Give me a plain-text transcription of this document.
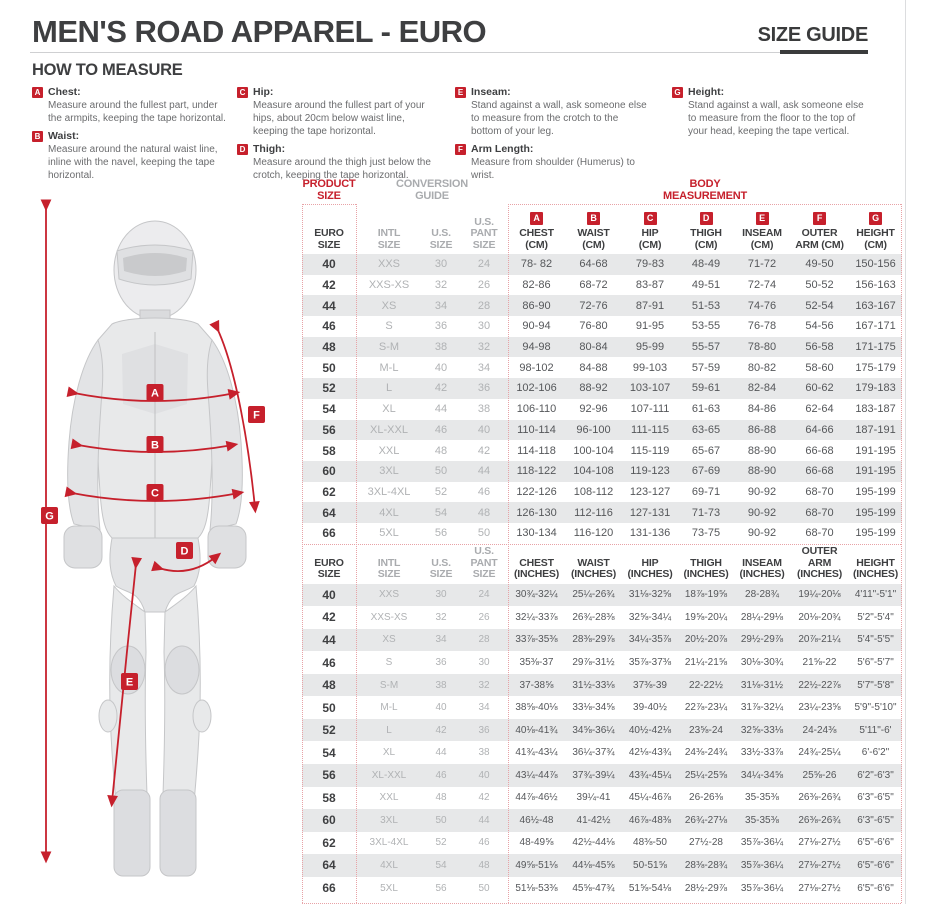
MEN'S ROAD APPAREL - EURO	SIZE GUIDE
HOW TO MEASURE
A Chest:
Measure around the fullest part, under the armpits, keeping the tape horizontal.
B Waist:
Measure around the natural waist line, inline with the navel, keeping the tape horizontal.
C Hip:
Measure around the fullest part of your hips, about 20cm below waist line, keeping the tape horizontal.
D Thigh:
Measure around the thigh just below the crotch, keeping the tape horizontal.
E Inseam:
Stand against a wall, ask someone else to measure from the crotch to the bottom of your leg.
F Arm Length:
Measure from shoulder (Humerus) to wrist.
G Height:
Stand against a wall, ask someone else to measure from the floor to the top of your head, keeping the tape vertical.
A
B
C
D
E
F
G
PRODUCT
SIZE
CONVERSION
GUIDE
BODY
MEASUREMENT
EURO
SIZE

INTL
SIZE

U.S.
SIZE

U.S.
PANT SIZE

A
CHEST
(CM)

B
WAIST
(CM)

C
HIP
(CM)

D
THIGH
(CM)

E
INSEAM
(CM)

F
OUTER
ARM (CM)

G
HEIGHT
(CM)

40	XXS	30	24	78- 82	64-68	79-83	48-49	71-72	49-50	150-156
42	XXS-XS	32	26	82-86	68-72	83-87	49-51	72-74	50-52	156-163
44	XS	34	28	86-90	72-76	87-91	51-53	74-76	52-54	163-167
46	S	36	30	90-94	76-80	91-95	53-55	76-78	54-56	167-171
48	S-M	38	32	94-98	80-84	95-99	55-57	78-80	56-58	171-175
50	M-L	40	34	98-102	84-88	99-103	57-59	80-82	58-60	175-179
52	L	42	36	102-106	88-92	103-107	59-61	82-84	60-62	179-183
54	XL	44	38	106-110	92-96	107-111	61-63	84-86	62-64	183-187
56	XL-XXL	46	40	110-114	96-100	111-115	63-65	86-88	64-66	187-191
58	XXL	48	42	114-118	100-104	115-119	65-67	88-90	66-68	191-195
60	3XL	50	44	118-122	104-108	119-123	67-69	88-90	66-68	191-195
62	3XL-4XL	52	46	122-126	108-112	123-127	69-71	90-92	68-70	195-199
64	4XL	54	48	126-130	112-116	127-131	71-73	90-92	68-70	195-199
66	5XL	56	50	130-134	116-120	131-136	73-75	90-92	68-70	195-199
EURO
SIZE

INTL
SIZE

U.S.
SIZE

U.S.
PANT SIZE

CHEST
(INCHES)

WAIST
(INCHES)

HIP
(INCHES)

THIGH
(INCHES)

INSEAM
(INCHES)

OUTER ARM
(INCHES)

HEIGHT
(INCHES)

40	XXS	30	24	30¾-32¼	25¼-26¾	31⅛-32⅝	18⅞-19⅝	28-28¾	19¼-20⅛	4'11"-5'1"
42	XXS-XS	32	26	32¼-33⅞	26¾-28⅜	32⅝-34¼	19⅝-20¼	28¼-29⅛	20⅛-20¾	5'2"-5'4"
44	XS	34	28	33⅞-35⅜	28⅜-29⅞	34¼-35⅞	20½-20⅞	29½-29⅞	20⅞-21¼	5'4"-5'5"
46	S	36	30	35⅜-37	29⅞-31½	35⅞-37⅜	21¼-21⅝	30⅛-30¾	21⅝-22	5'6"-5'7"
48	S-M	38	32	37-38⅝	31½-33⅛	37⅜-39	22-22½	31⅛-31½	22½-22⅞	5'7"-5'8"
50	M-L	40	34	38⅝-40⅛	33⅛-34⅝	39-40½	22⅞-23¼	31⅞-32¼	23¼-23⅝	5'9"-5'10"
52	L	42	36	40⅛-41¾	34⅝-36¼	40½-42⅛	23⅝-24	32⅝-33⅛	24-24⅜	5'11"-6'
54	XL	44	38	41¾-43¼	36¼-37¾	42⅛-43¾	24⅜-24¾	33½-33⅞	24¾-25¼	6'-6'2"
56	XL-XXL	46	40	43¼-44⅞	37¾-39¼	43¾-45¼	25¼-25⅝	34¼-34⅝	25⅝-26	6'2"-6'3"
58	XXL	48	42	44⅞-46½	39¼-41	45¼-46⅞	26-26⅜	35-35⅜	26⅜-26¾	6'3"-6'5"
60	3XL	50	44	46½-48	41-42½	46⅞-48⅜	26¾-27⅛	35-35⅜	26⅜-26¾	6'3"-6'5"
62	3XL-4XL	52	46	48-49⅝	42½-44⅛	48⅜-50	27½-28	35⅞-36¼	27⅛-27½	6'5"-6'6"
64	4XL	54	48	49⅝-51⅛	44⅛-45⅝	50-51⅝	28⅜-28¾	35⅞-36¼	27⅛-27½	6'5"-6'6"
66	5XL	56	50	51⅛-53⅜	45⅝-47¾	51⅝-54⅛	28½-29⅞	35⅞-36¼	27⅛-27½	6'5"-6'6"
